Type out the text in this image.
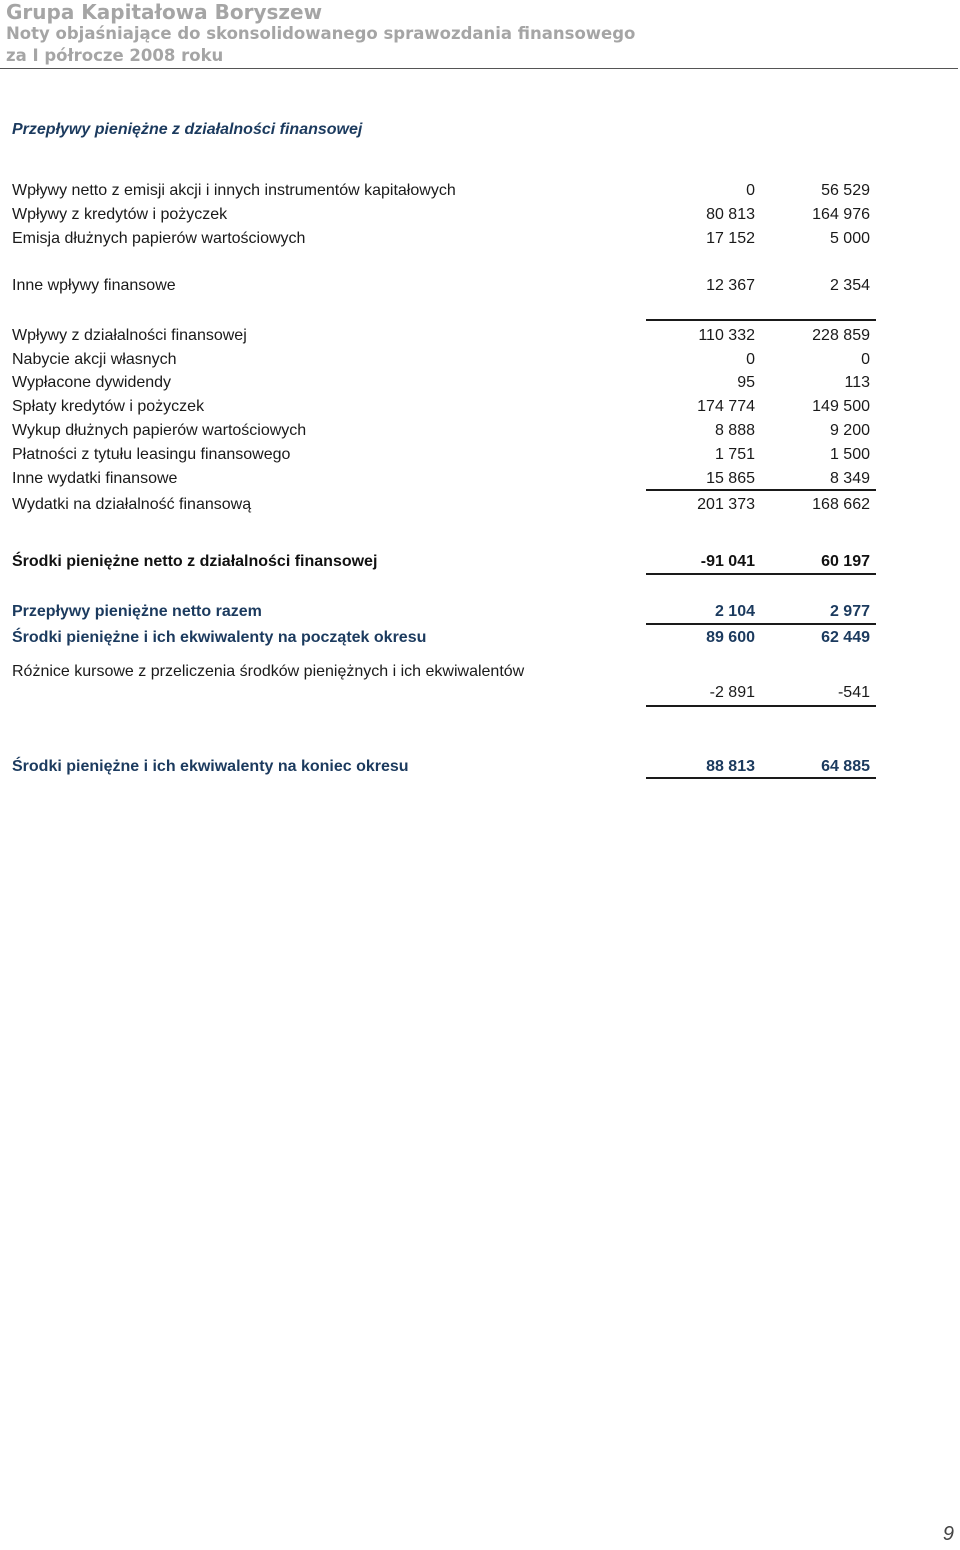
Grupa Kapitałowa Boryszew
Noty objaśniające do skonsolidowanego sprawozdania finansowego
za I półrocze 2008 roku
Przepływy pieniężne z działalności finansowej
Wpływy netto z emisji akcji i innych instrumentów kapitałowych	0	56 529
Wpływy z kredytów i pożyczek	80 813	164 976
Emisja dłużnych papierów wartościowych	17 152	5 000
Inne wpływy finansowe	12 367	2 354
Wpływy z działalności finansowej	110 332	228 859
Nabycie akcji własnych	0	0
Wypłacone dywidendy	95	113
Spłaty kredytów i pożyczek	174 774	149 500
Wykup dłużnych papierów wartościowych	8 888	9 200
Płatności z tytułu leasingu finansowego	1 751	1 500
Inne wydatki finansowe	15 865	8 349
Wydatki na działalność finansową	201 373	168 662
Środki pieniężne netto z działalności finansowej	-91 041	60 197
Przepływy pieniężne netto razem	2 104	2 977
Środki pieniężne i ich ekwiwalenty na początek okresu	89 600	62 449
Różnice kursowe z przeliczenia środków pieniężnych i ich ekwiwalentów
-2 891	-541
Środki pieniężne i ich ekwiwalenty na koniec okresu	88 813	64 885
9
